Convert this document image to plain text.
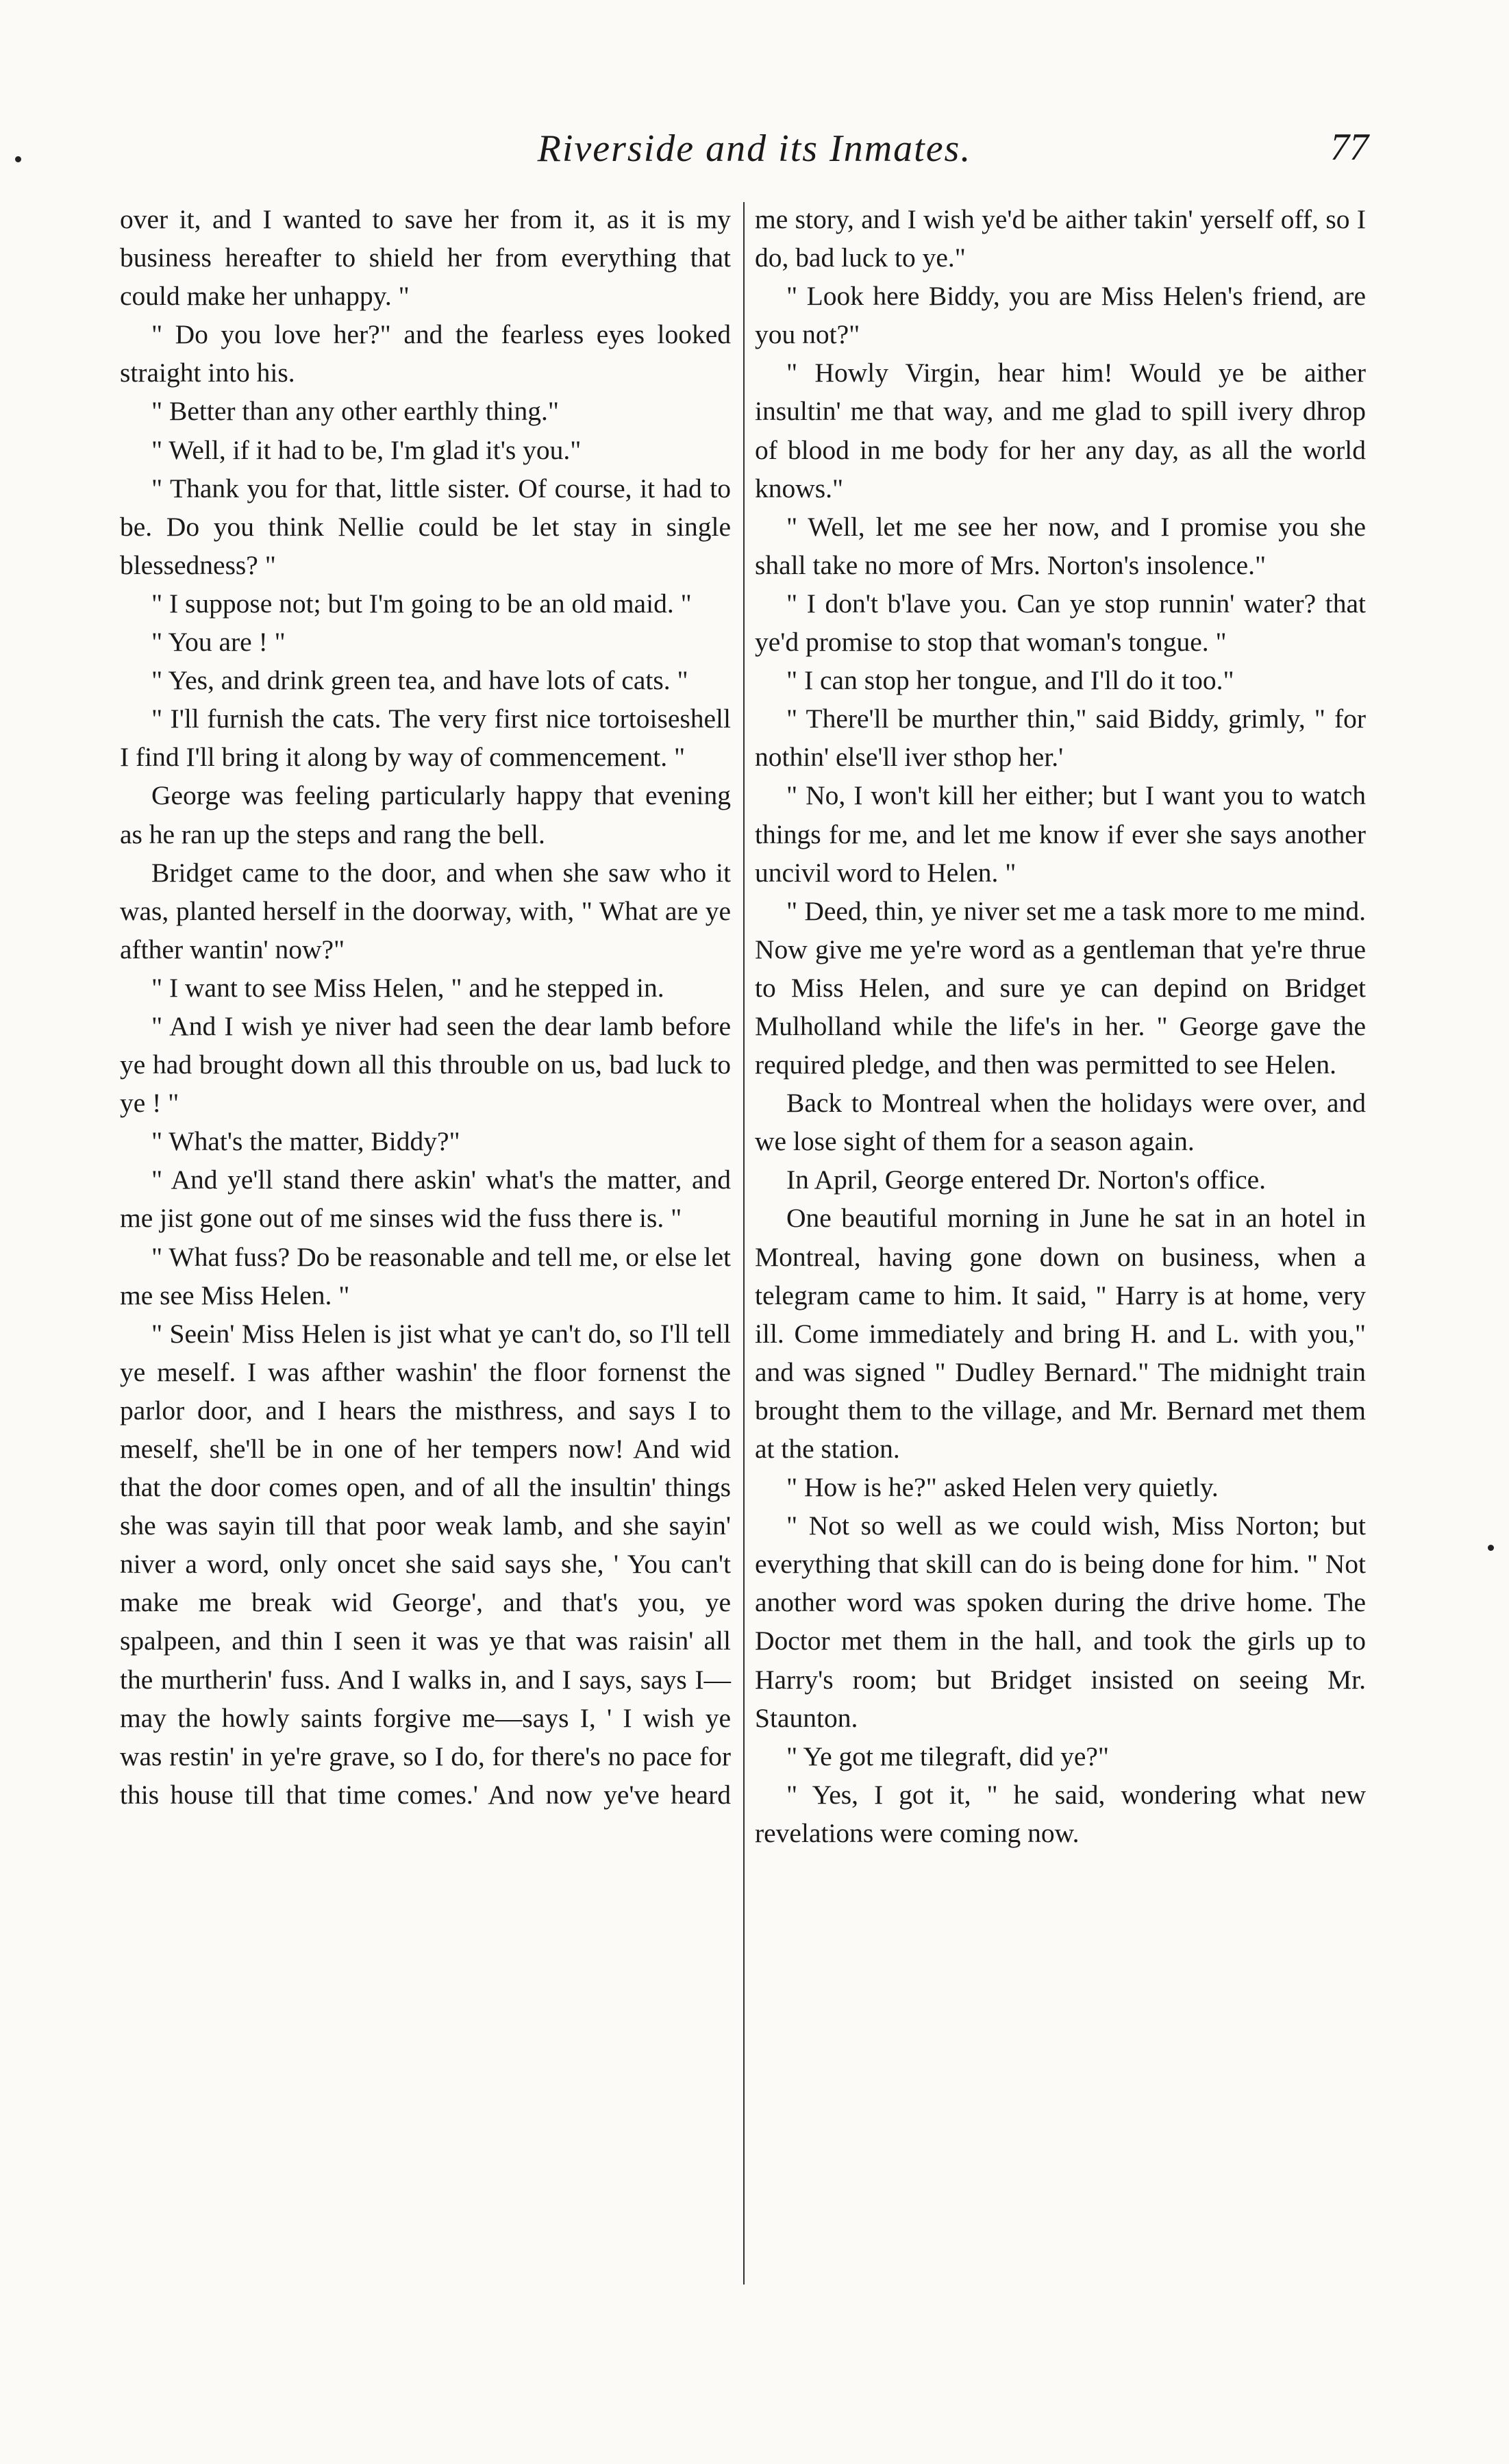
Riverside and its Inmates.	77

over it, and I wanted to save her from it, as it is my business hereafter to shield her from everything that could make her unhappy. "

" Do you love her?" and the fearless eyes looked straight into his.

" Better than any other earthly thing."

" Well, if it had to be, I'm glad it's you."

" Thank you for that, little sister. Of course, it had to be. Do you think Nellie could be let stay in single blessedness? "

" I suppose not; but I'm going to be an old maid. "

" You are ! "

" Yes, and drink green tea, and have lots of cats. "

" I'll furnish the cats. The very first nice tortoiseshell I find I'll bring it along by way of commencement. "

George was feeling particularly happy that evening as he ran up the steps and rang the bell.

Bridget came to the door, and when she saw who it was, planted herself in the doorway, with, " What are ye afther wantin' now?"

" I want to see Miss Helen, " and he stepped in.

" And I wish ye niver had seen the dear lamb before ye had brought down all this throuble on us, bad luck to ye ! "

" What's the matter, Biddy?"

" And ye'll stand there askin' what's the matter, and me jist gone out of me sinses wid the fuss there is. "

" What fuss? Do be reasonable and tell me, or else let me see Miss Helen. "

" Seein' Miss Helen is jist what ye can't do, so I'll tell ye meself. I was afther washin' the floor fornenst the parlor door, and I hears the misthress, and says I to meself, she'll be in one of her tempers now! And wid that the door comes open, and of all the insultin' things she was sayin till that poor weak lamb, and she sayin' niver a word, only oncet she said says she, ' You can't make me break wid George', and that's you, ye spalpeen, and thin I seen it was ye that was raisin' all the murtherin' fuss. And I walks in, and I says, says I— may the howly saints forgive me—says I, ' I wish ye was restin' in ye're grave, so I do, for there's no pace for this house till that time comes.' And now ye've heard

me story, and I wish ye'd be aither takin' yerself off, so I do, bad luck to ye."

" Look here Biddy, you are Miss Helen's friend, are you not?"

" Howly Virgin, hear him! Would ye be aither insultin' me that way, and me glad to spill ivery dhrop of blood in me body for her any day, as all the world knows."

" Well, let me see her now, and I promise you she shall take no more of Mrs. Norton's insolence."

" I don't b'lave you. Can ye stop runnin' water? that ye'd promise to stop that woman's tongue. "

" I can stop her tongue, and I'll do it too."

" There'll be murther thin," said Biddy, grimly, " for nothin' else'll iver sthop her.'

" No, I won't kill her either; but I want you to watch things for me, and let me know if ever she says another uncivil word to Helen. "

" Deed, thin, ye niver set me a task more to me mind. Now give me ye're word as a gentleman that ye're thrue to Miss Helen, and sure ye can depind on Bridget Mulholland while the life's in her. " George gave the required pledge, and then was permitted to see Helen.

Back to Montreal when the holidays were over, and we lose sight of them for a season again.

In April, George entered Dr. Norton's office.

One beautiful morning in June he sat in an hotel in Montreal, having gone down on business, when a telegram came to him. It said, " Harry is at home, very ill. Come immediately and bring H. and L. with you," and was signed " Dudley Bernard." The midnight train brought them to the village, and Mr. Bernard met them at the station.

" How is he?" asked Helen very quietly.

" Not so well as we could wish, Miss Norton; but everything that skill can do is being done for him. " Not another word was spoken during the drive home. The Doctor met them in the hall, and took the girls up to Harry's room; but Bridget insisted on seeing Mr. Staunton.

" Ye got me tilegraft, did ye?"

" Yes, I got it, " he said, wondering what new revelations were coming now.
